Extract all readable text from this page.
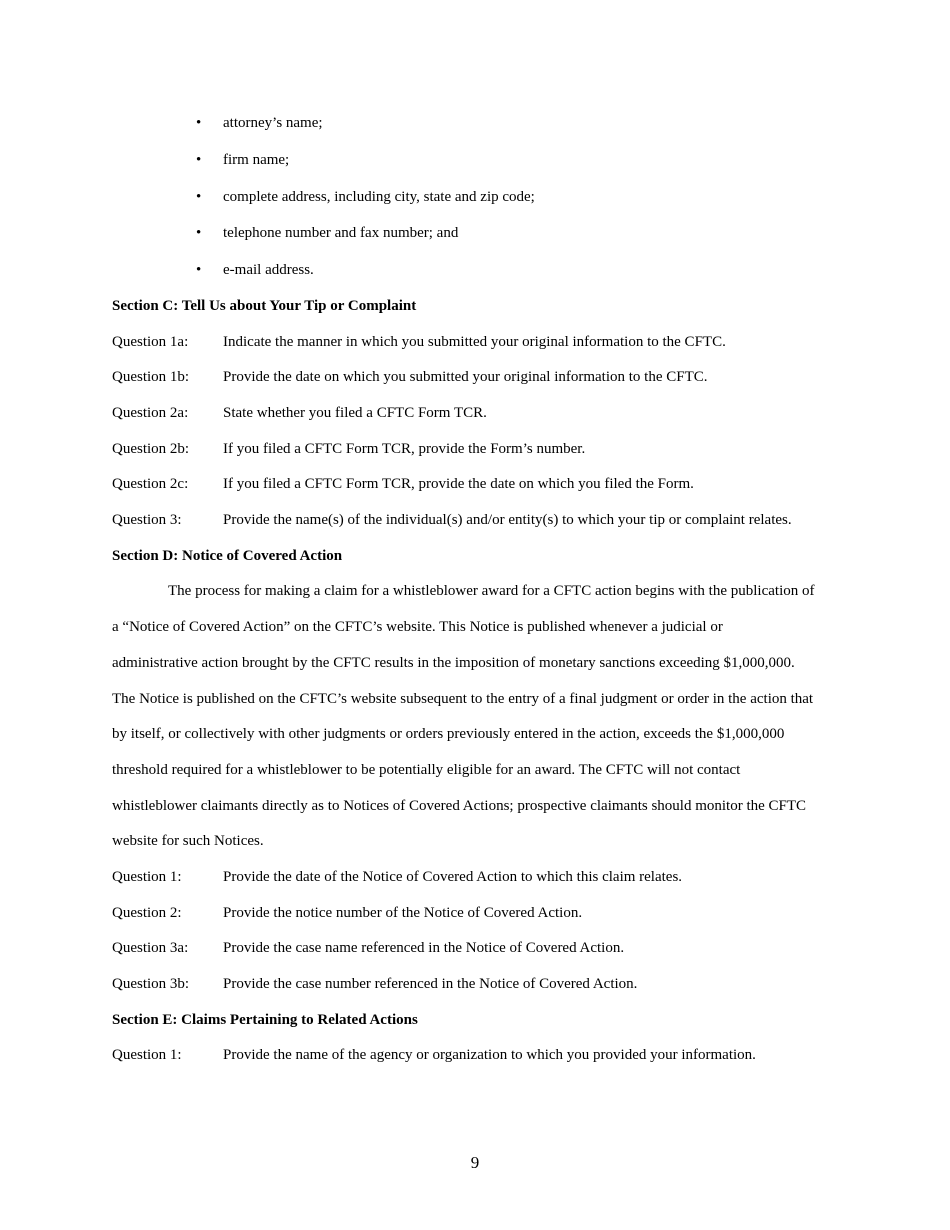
• attorney’s name;
• firm name;
• complete address, including city, state and zip code;
• telephone number and fax number; and
• e-mail address.
Section C: Tell Us about Your Tip or Complaint
Question 1a: Indicate the manner in which you submitted your original information to the CFTC.
Question 1b: Provide the date on which you submitted your original information to the CFTC.
Question 2a: State whether you filed a CFTC Form TCR.
Question 2b: If you filed a CFTC Form TCR, provide the Form’s number.
Question 2c: If you filed a CFTC Form TCR, provide the date on which you filed the Form.
Question 3:	Provide the name(s) of the individual(s) and/or entity(s) to which your tip or complaint relates.
Section D: Notice of Covered Action
The process for making a claim for a whistleblower award for a CFTC action begins with the publication of
a “Notice of Covered Action” on the CFTC’s website. This Notice is published whenever a judicial or
administrative action brought by the CFTC results in the imposition of monetary sanctions exceeding $1,000,000.
The Notice is published on the CFTC’s website subsequent to the entry of a final judgment or order in the action that
by itself, or collectively with other judgments or orders previously entered in the action, exceeds the $1,000,000
threshold required for a whistleblower to be potentially eligible for an award. The CFTC will not contact
whistleblower claimants directly as to Notices of Covered Actions; prospective claimants should monitor the CFTC
website for such Notices.
Question 1:	Provide the date of the Notice of Covered Action to which this claim relates.
Question 2:	Provide the notice number of the Notice of Covered Action.
Question 3a: Provide the case name referenced in the Notice of Covered Action.
Question 3b: Provide the case number referenced in the Notice of Covered Action.
Section E: Claims Pertaining to Related Actions
Question 1:	Provide the name of the agency or organization to which you provided your information.
9
